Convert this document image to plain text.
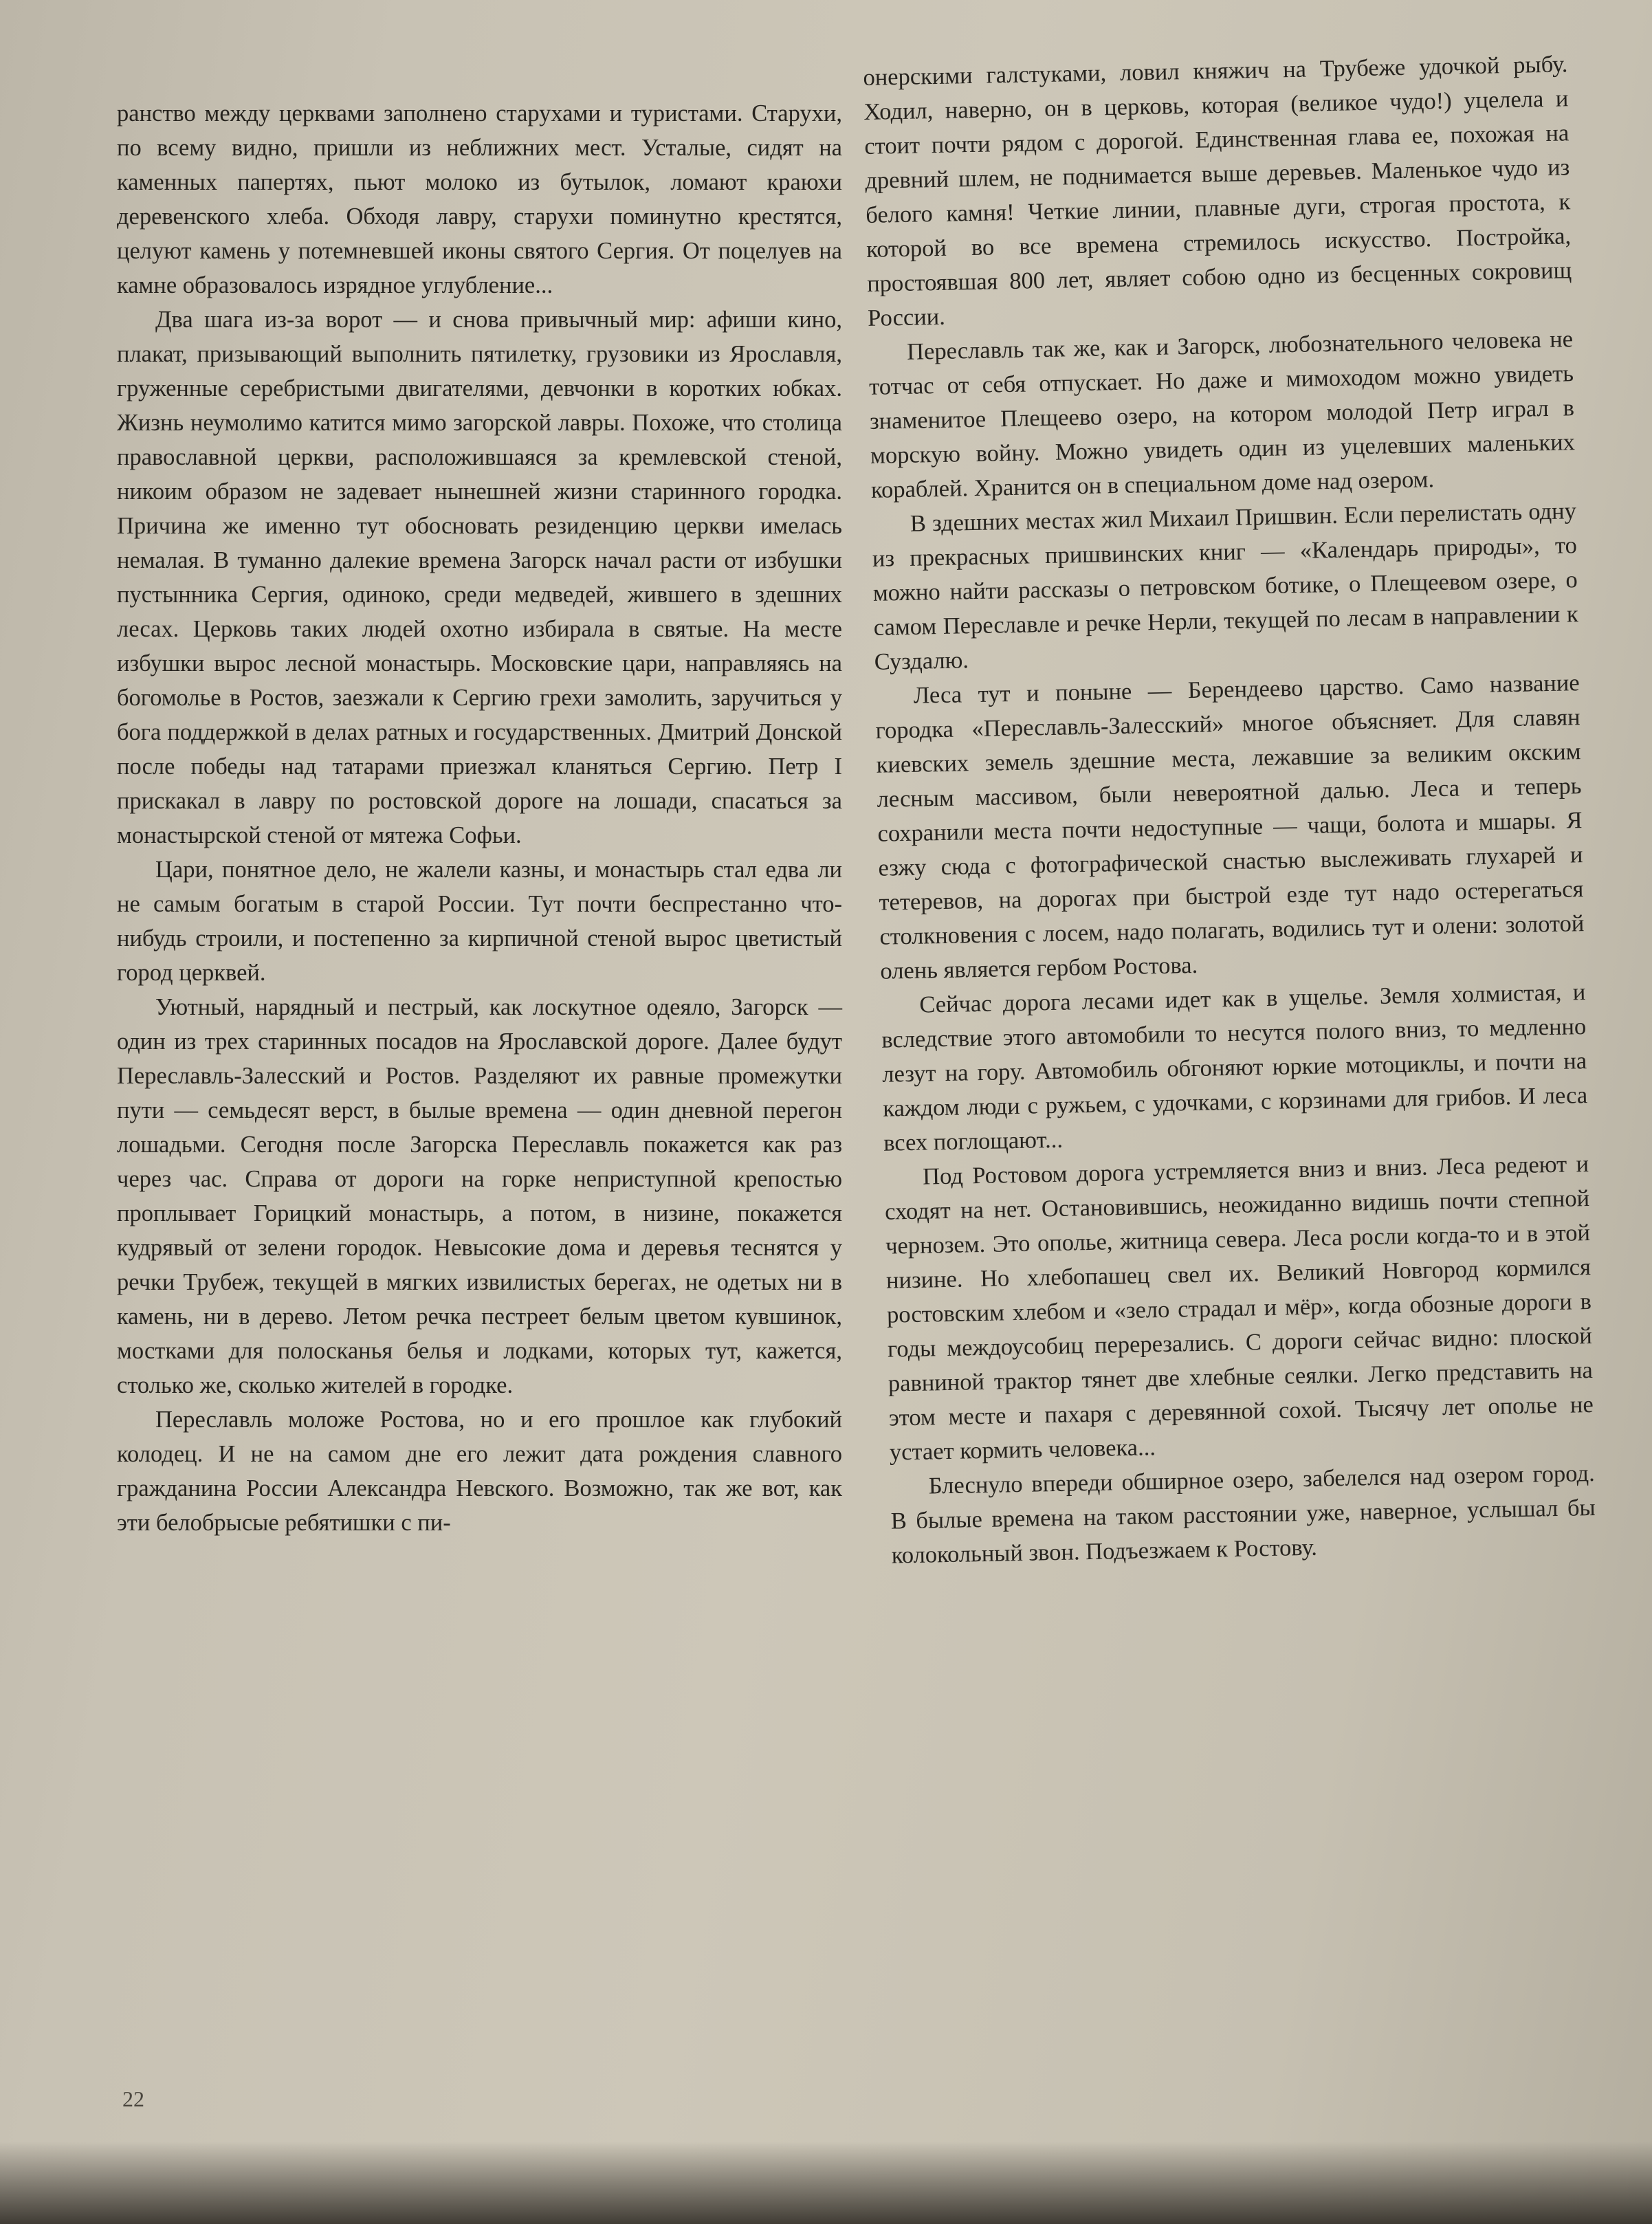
ранство между церквами заполнено старухами и туристами. Старухи, по всему видно, пришли из неближних мест. Усталые, сидят на каменных папертях, пьют молоко из бутылок, ломают краюхи деревенского хлеба. Обходя лавру, старухи поминутно крестятся, целуют камень у потемневшей иконы святого Сергия. От поцелуев на камне образовалось изрядное углубление...

Два шага из-за ворот — и снова привычный мир: афиши кино, плакат, призывающий выполнить пятилетку, грузовики из Ярославля, груженные серебристыми двигателями, девчонки в коротких юбках. Жизнь неумолимо катится мимо загорской лавры. Похоже, что столица православной церкви, расположившаяся за кремлевской стеной, никоим образом не задевает нынешней жизни старинного городка. Причина же именно тут обосновать резиденцию церкви имелась немалая. В туманно далекие времена Загорск начал расти от избушки пустынника Сергия, одиноко, среди медведей, жившего в здешних лесах. Церковь таких людей охотно избирала в святые. На месте избушки вырос лесной монастырь. Московские цари, направляясь на богомолье в Ростов, заезжали к Сергию грехи замолить, заручиться у бога поддержкой в делах ратных и государственных. Дмитрий Донской после победы над татарами приезжал кланяться Сергию. Петр I прискакал в лавру по ростовской дороге на лошади, спасаться за монастырской стеной от мятежа Софьи.

Цари, понятное дело, не жалели казны, и монастырь стал едва ли не самым богатым в старой России. Тут почти беспрестанно что-нибудь строили, и постепенно за кирпичной стеной вырос цветистый город церквей.

Уютный, нарядный и пестрый, как лоскутное одеяло, Загорск — один из трех старинных посадов на Ярославской дороге. Далее будут Переславль-Залесский и Ростов. Разделяют их равные промежутки пути — семьдесят верст, в былые времена — один дневной перегон лошадьми. Сегодня после Загорска Переславль покажется как раз через час. Справа от дороги на горке неприступной крепостью проплывает Горицкий монастырь, а потом, в низине, покажется кудрявый от зелени городок. Невысокие дома и деревья теснятся у речки Трубеж, текущей в мягких извилистых берегах, не одетых ни в камень, ни в дерево. Летом речка пестреет белым цветом кувшинок, мостками для полосканья белья и лодками, которых тут, кажется, столько же, сколько жителей в городке.

Переславль моложе Ростова, но и его прошлое как глубокий колодец. И не на самом дне его лежит дата рождения славного гражданина России Александра Невского. Возможно, так же вот, как эти белобрысые ребятишки с пи-

онерскими галстуками, ловил княжич на Трубеже удочкой рыбу. Ходил, наверно, он в церковь, которая (великое чудо!) уцелела и стоит почти рядом с дорогой. Единственная глава ее, похожая на древний шлем, не поднимается выше деревьев. Маленькое чудо из белого камня! Четкие линии, плавные дуги, строгая простота, к которой во все времена стремилось искусство. Постройка, простоявшая 800 лет, являет собою одно из бесценных сокровищ России.

Переславль так же, как и Загорск, любознательного человека не тотчас от себя отпускает. Но даже и мимоходом можно увидеть знаменитое Плещеево озеро, на котором молодой Петр играл в морскую войну. Можно увидеть один из уцелевших маленьких кораблей. Хранится он в специальном доме над озером.

В здешних местах жил Михаил Пришвин. Если перелистать одну из прекрасных пришвинских книг — «Календарь природы», то можно найти рассказы о петровском ботике, о Плещеевом озере, о самом Переславле и речке Нерли, текущей по лесам в направлении к Суздалю.

Леса тут и поныне — Берендеево царство. Само название городка «Переславль-Залесский» многое объясняет. Для славян киевских земель здешние места, лежавшие за великим окским лесным массивом, были невероятной далью. Леса и теперь сохранили места почти недоступные — чащи, болота и мшары. Я езжу сюда с фотографической снастью выслеживать глухарей и тетеревов, на дорогах при быстрой езде тут надо остерегаться столкновения с лосем, надо полагать, водились тут и олени: золотой олень является гербом Ростова.

Сейчас дорога лесами идет как в ущелье. Земля холмистая, и вследствие этого автомобили то несутся полого вниз, то медленно лезут на гору. Автомобиль обгоняют юркие мотоциклы, и почти на каждом люди с ружьем, с удочками, с корзинами для грибов. И леса всех поглощают...

Под Ростовом дорога устремляется вниз и вниз. Леса редеют и сходят на нет. Остановившись, неожиданно видишь почти степной чернозем. Это ополье, житница севера. Леса росли когда-то и в этой низине. Но хлебопашец свел их. Великий Новгород кормился ростовским хлебом и «зело страдал и мёр», когда обозные дороги в годы междоусобиц перерезались. С дороги сейчас видно: плоской равниной трактор тянет две хлебные сеялки. Легко представить на этом месте и пахаря с деревянной сохой. Тысячу лет ополье не устает кормить человека...

Блеснуло впереди обширное озеро, забелелся над озером город. В былые времена на таком расстоянии уже, наверное, услышал бы колокольный звон. Подъезжаем к Ростову.

22
